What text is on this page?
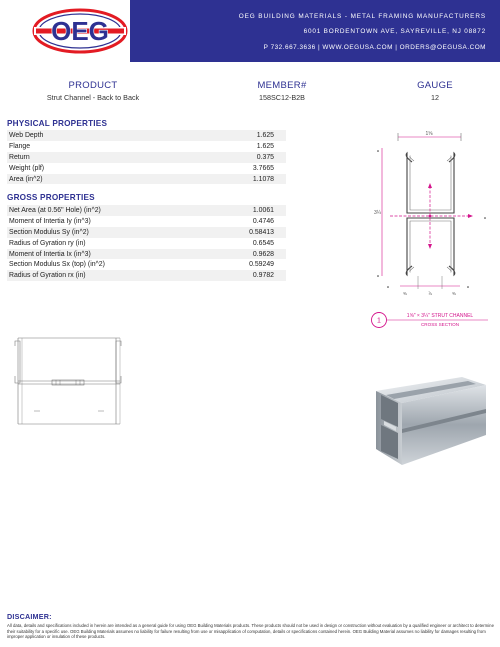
OEG	OEG BUILDING MATERIALS - METAL FRAMING MANUFACTURERS
6001 BORDENTOWN AVE, SAYREVILLE, NJ 08872
P 732.667.3636 | WWW.OEGUSA.COM | ORDERS@OEGUSA.COM
PRODUCT
Strut Channel - Back to Back
MEMBER#
158SC12-B2B
GAUGE
12
PHYSICAL PROPERTIES
Web Depth	1.625
Flange	1.625
Return	0.375
Weight (plf)	3.7665
Area (in^2)	1.1078
GROSS PROPERTIES
Net Area (at 0.56" Hole) (in^2)	1.0061
Moment of Intertia Iy (in^3)	0.4746
Section Modulus Sy (in^2)	0.58413
Radius of Gyration ry (in)	0.6545
Moment of Intertia Ix (in^3)	0.9628
Section Modulus Sx (top) (in^2)	0.59249
Radius of Gyration rx (in)	0.9782
1⅝
3¼
⅜	⅞	⅜
1
1⅝" × 3¼" STRUT CHANNEL
CROSS SECTION
DISCAIMER:
All data, details and specifications included in herein are intended as a general guide for using OEG Building Materials products. These products should not be used in design or construction without evaluation by a qualified engineer or architect to determine their suitability for a specific use. OEG Building Materials assumes no liability for failure resulting from use or misapplication of computation, details or specifications contained herein. OEG Building Material assumes no liability for damages resulting from improper application or insulation of these products.
